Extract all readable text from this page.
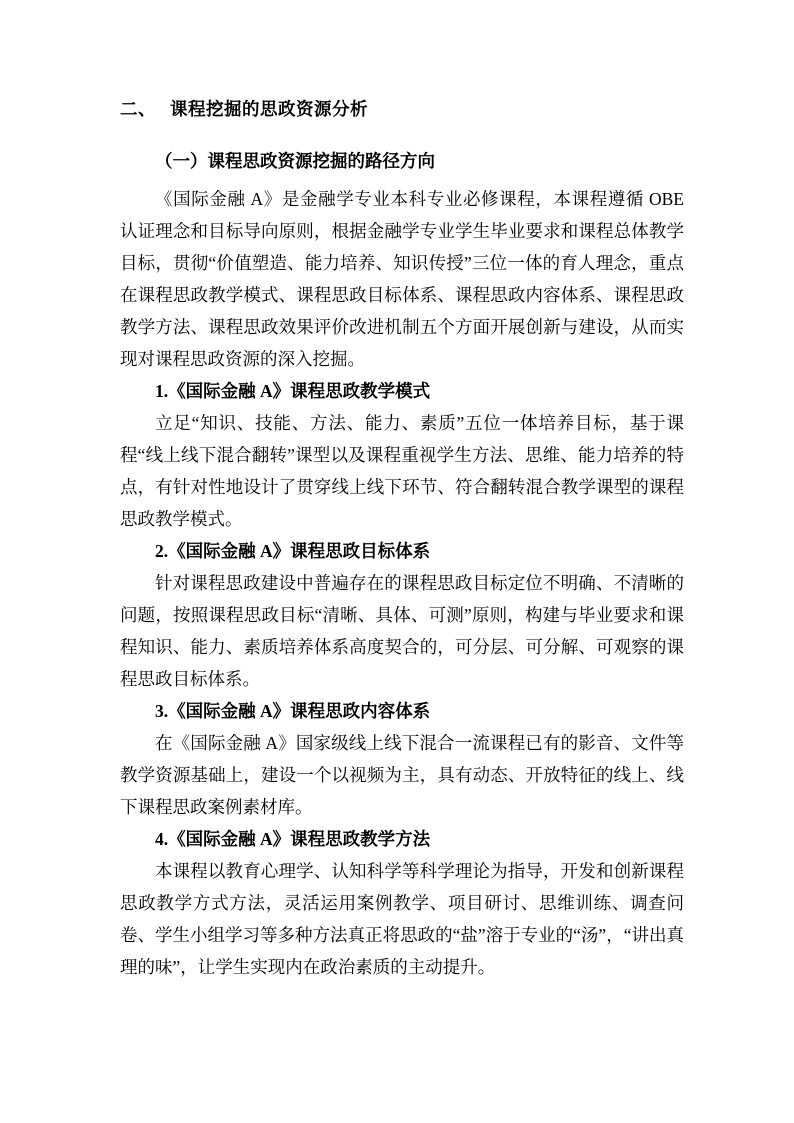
二、 课程挖掘的思政资源分析
（一）课程思政资源挖掘的路径方向

《国际金融 A》是金融学专业本科专业必修课程，本课程遵循 OBE 认证理念和目标导向原则，根据金融学专业学生毕业要求和课程总体教学目标，贯彻“价值塑造、能力培养、知识传授”三位一体的育人理念，重点在课程思政教学模式、课程思政目标体系、课程思政内容体系、课程思政教学方法、课程思政效果评价改进机制五个方面开展创新与建设，从而实现对课程思政资源的深入挖掘。

1.《国际金融 A》课程思政教学模式

立足“知识、技能、方法、能力、素质”五位一体培养目标，基于课程“线上线下混合翻转”课型以及课程重视学生方法、思维、能力培养的特点，有针对性地设计了贯穿线上线下环节、符合翻转混合教学课型的课程思政教学模式。

2.《国际金融 A》课程思政目标体系

针对课程思政建设中普遍存在的课程思政目标定位不明确、不清晰的问题，按照课程思政目标“清晰、具体、可测”原则，构建与毕业要求和课程知识、能力、素质培养体系高度契合的，可分层、可分解、可观察的课程思政目标体系。

3.《国际金融 A》课程思政内容体系

在《国际金融 A》国家级线上线下混合一流课程已有的影音、文件等教学资源基础上，建设一个以视频为主，具有动态、开放特征的线上、线下课程思政案例素材库。

4.《国际金融 A》课程思政教学方法

本课程以教育心理学、认知科学等科学理论为指导，开发和创新课程思政教学方式方法，灵活运用案例教学、项目研讨、思维训练、调查问卷、学生小组学习等多种方法真正将思政的“盐”溶于专业的“汤”，“讲出真理的味”，让学生实现内在政治素质的主动提升。
